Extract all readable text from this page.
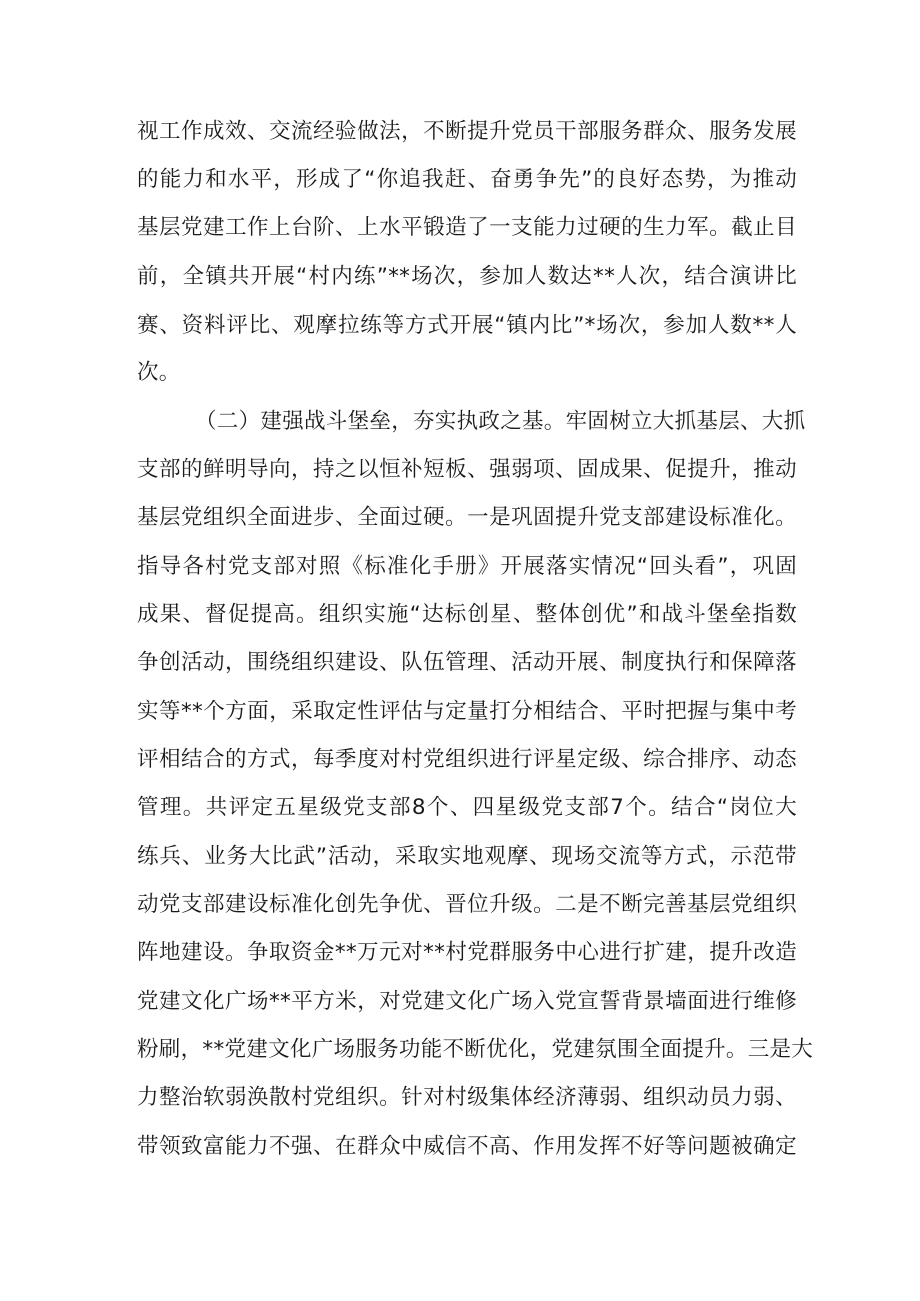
视工作成效、交流经验做法，不断提升党员干部服务群众、服务发展
的能力和水平，形成了“你追我赶、奋勇争先”的良好态势，为推动
基层党建工作上台阶、上水平锻造了一支能力过硬的生力军。截止目
前，全镇共开展“村内练”**场次，参加人数达**人次，结合演讲比
赛、资料评比、观摩拉练等方式开展“镇内比”*场次，参加人数**人
次。
（二）建强战斗堡垒，夯实执政之基。牢固树立大抓基层、大抓
支部的鲜明导向，持之以恒补短板、强弱项、固成果、促提升，推动
基层党组织全面进步、全面过硬。一是巩固提升党支部建设标准化。
指导各村党支部对照《标准化手册》开展落实情况“回头看”，巩固
成果、督促提高。组织实施“达标创星、整体创优”和战斗堡垒指数
争创活动，围绕组织建设、队伍管理、活动开展、制度执行和保障落
实等**个方面，采取定性评估与定量打分相结合、平时把握与集中考
评相结合的方式，每季度对村党组织进行评星定级、综合排序、动态
管理。共评定五星级党支部8个、四星级党支部7个。结合“岗位大
练兵、业务大比武”活动，采取实地观摩、现场交流等方式，示范带
动党支部建设标准化创先争优、晋位升级。二是不断完善基层党组织
阵地建设。争取资金**万元对**村党群服务中心进行扩建，提升改造
党建文化广场**平方米，对党建文化广场入党宣誓背景墙面进行维修
粉刷，**党建文化广场服务功能不断优化，党建氛围全面提升。三是大
力整治软弱涣散村党组织。针对村级集体经济薄弱、组织动员力弱、
带领致富能力不强、在群众中威信不高、作用发挥不好等问题被确定
